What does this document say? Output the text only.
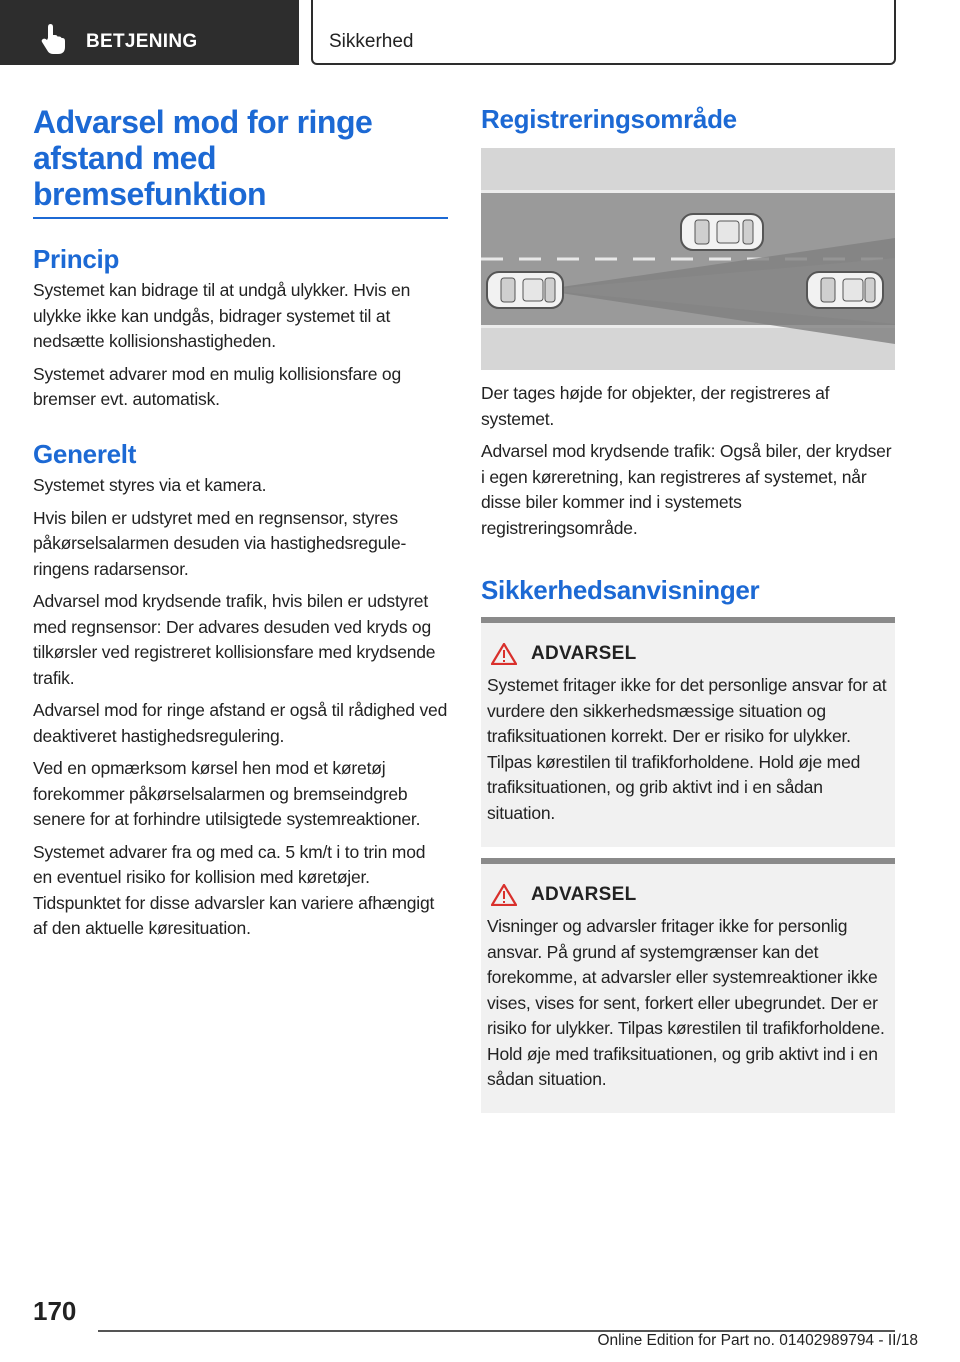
BETJENING	Sikkerhed
Advarsel mod for ringe afstand med bremsefunktion
Princip

Systemet kan bidrage til at undgå ulykker. Hvis en ulykke ikke kan undgås, bidrager systemet til at nedsætte kollisionshastigheden.

Systemet advarer mod en mulig kollisionsfare og bremser evt. automatisk.

Generelt

Systemet styres via et kamera.

Hvis bilen er udstyret med en regnsensor, styres påkørselsalarmen desuden via hastighedsreguleringens radarsensor.

Advarsel mod krydsende trafik, hvis bilen er udstyret med regnsensor: Der advares desuden ved kryds og tilkørsler ved registreret kollisionsfare med krydsende trafik.

Advarsel mod for ringe afstand er også til rådighed ved deaktiveret hastighedsregulering.

Ved en opmærksom kørsel hen mod et køretøj forekommer påkørselsalarmen og bremseindgreb senere for at forhindre utilsigtede systemreaktioner.

Systemet advarer fra og med ca. 5 km/t i to trin mod en eventuel risiko for kollision med køretøjer. Tidspunktet for disse advarsler kan variere afhængigt af den aktuelle køresituation.

Registreringsområde

Der tages højde for objekter, der registreres af systemet.

Advarsel mod krydsende trafik: Også biler, der krydser i egen køreretning, kan registreres af systemet, når disse biler kommer ind i systemets registreringsområde.

Sikkerhedsanvisninger
ADVARSEL

Systemet fritager ikke for det personlige ansvar for at vurdere den sikkerhedsmæssige situation og trafiksituationen korrekt. Der er risiko for ulykker. Tilpas kørestilen til trafikforholdene. Hold øje med trafiksituationen, og grib aktivt ind i en sådan situation.

ADVARSEL

Visninger og advarsler fritager ikke for personlig ansvar. På grund af systemgrænser kan det forekomme, at advarsler eller systemreaktioner ikke vises, vises for sent, forkert eller ubegrundet. Der er risiko for ulykker. Tilpas kørestilen til trafikforholdene. Hold øje med trafiksituationen, og grib aktivt ind i en sådan situation.

170
Online Edition for Part no. 01402989794 - II/18
